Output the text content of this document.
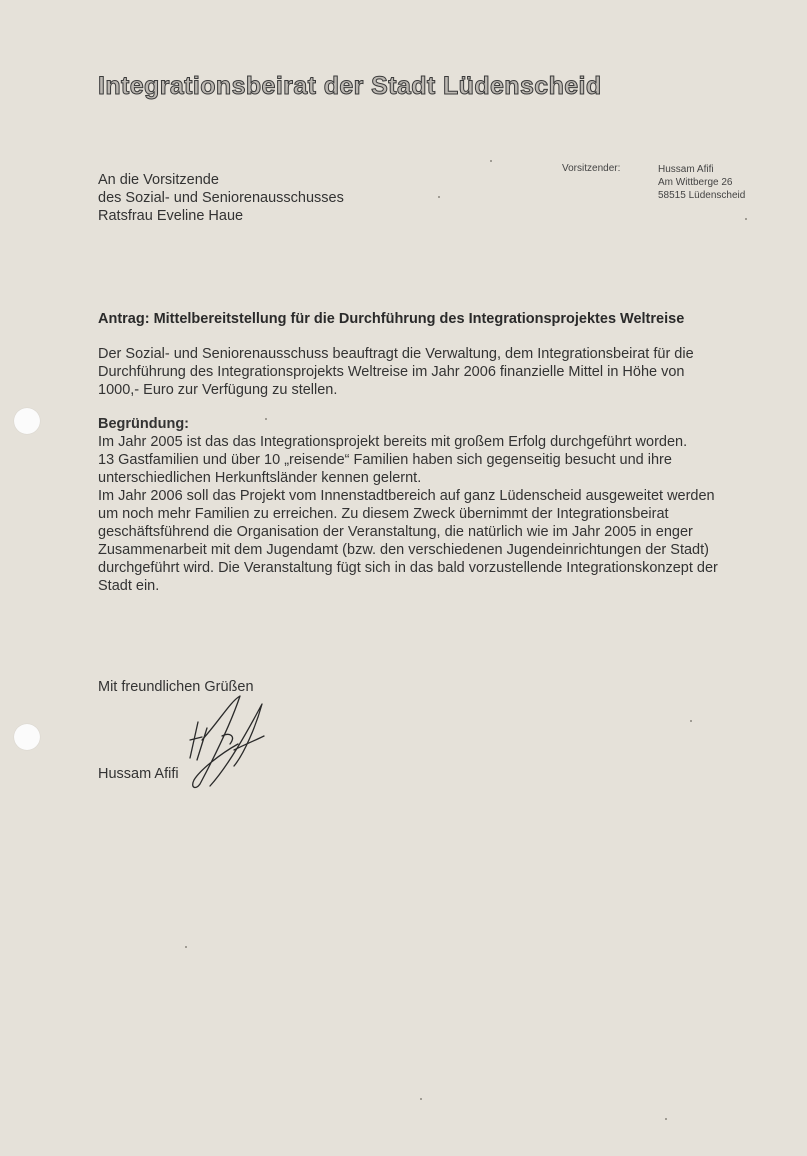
Integrationsbeirat der Stadt Lüdenscheid
An die Vorsitzende
des Sozial- und Seniorenausschusses
Ratsfrau Eveline Haue
Vorsitzender:	Hussam Afifi
Am Wittberge 26
58515 Lüdenscheid
Antrag: Mittelbereitstellung für die Durchführung des Integrationsprojektes Weltreise
Der Sozial- und Seniorenausschuss beauftragt die Verwaltung, dem Integrationsbeirat für die
Durchführung des Integrationsprojekts Weltreise im Jahr 2006 finanzielle Mittel in Höhe von
1000,- Euro zur Verfügung zu stellen.
Begründung:
Im Jahr 2005 ist das das Integrationsprojekt bereits mit großem Erfolg durchgeführt worden.
13 Gastfamilien und über 10 „reisende“ Familien haben sich gegenseitig besucht und ihre
unterschiedlichen Herkunftsländer kennen gelernt.
Im Jahr 2006 soll das Projekt vom Innenstadtbereich auf ganz Lüdenscheid ausgeweitet werden
um noch mehr Familien zu erreichen. Zu diesem Zweck übernimmt der Integrationsbeirat
geschäftsführend die Organisation der Veranstaltung, die natürlich wie im Jahr 2005 in enger
Zusammenarbeit mit dem Jugendamt (bzw. den verschiedenen Jugendeinrichtungen der Stadt)
durchgeführt wird. Die Veranstaltung fügt sich in das bald vorzustellende Integrationskonzept der
Stadt ein.
Mit freundlichen Grüßen
Hussam Afifi
